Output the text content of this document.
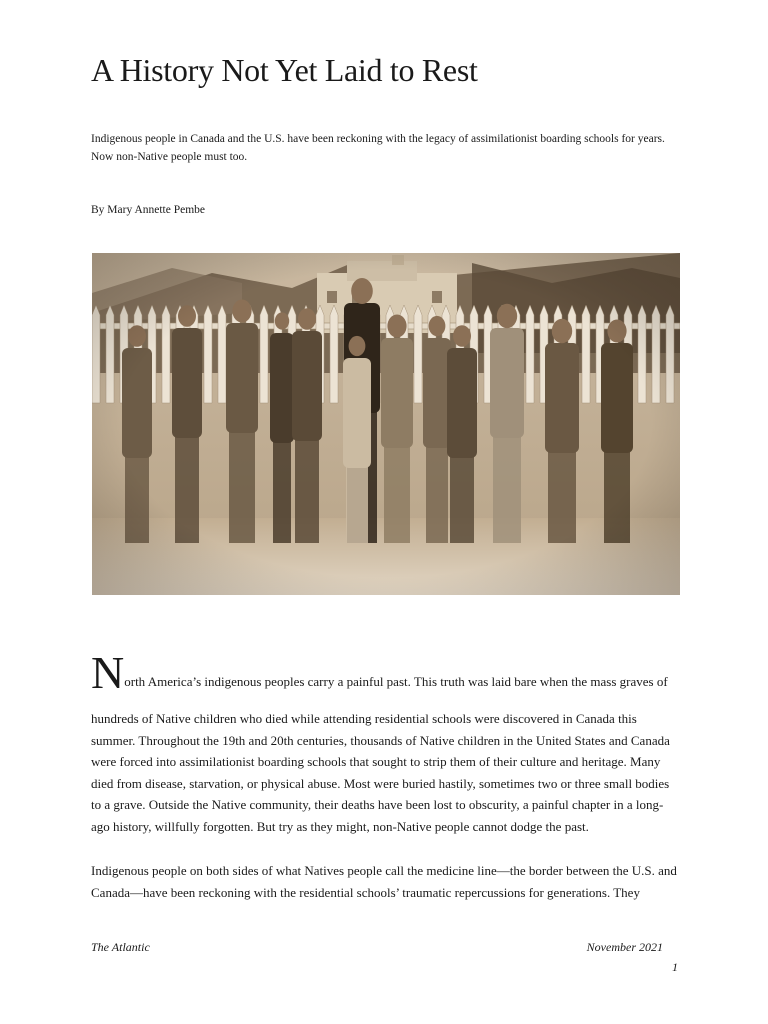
A History Not Yet Laid to Rest
Indigenous people in Canada and the U.S. have been reckoning with the legacy of assimilationist boarding schools for years. Now non-Native people must too.
By Mary Annette Pembe

North America’s indigenous peoples carry a painful past. This truth was laid bare when the mass graves of

hundreds of Native children who died while attending residential schools were discovered in Canada this summer. Throughout the 19th and 20th centuries, thousands of Native children in the United States and Canada were forced into assimilationist boarding schools that sought to strip them of their culture and heritage. Many died from disease, starvation, or physical abuse. Most were buried hastily, sometimes two or three small bodies to a grave. Outside the Native community, their deaths have been lost to obscurity, a painful chapter in a long-ago history, willfully forgotten. But try as they might, non-Native people cannot dodge the past.

Indigenous people on both sides of what Natives people call the medicine line—the border between the U.S. and Canada—have been reckoning with the residential schools’ traumatic repercussions for generations. They

The Atlantic	November 2021
1
